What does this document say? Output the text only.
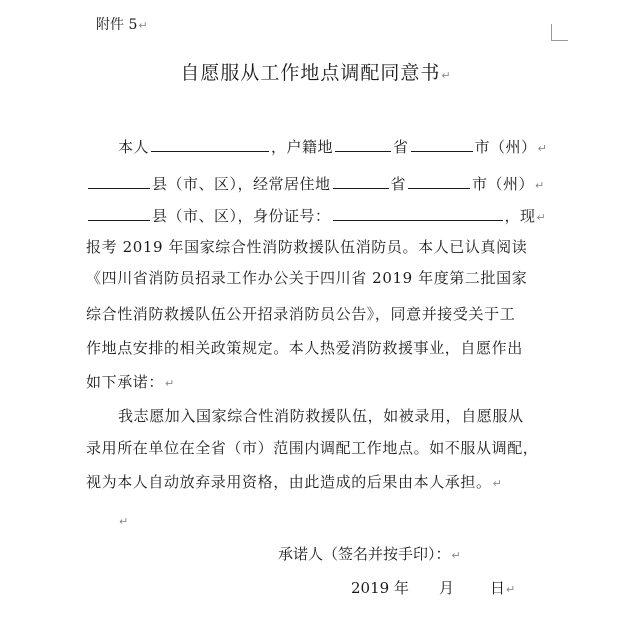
附件 5↵
自愿服从工作地点调配同意书↵
本人	，户籍地	省	市（州）↵
县（市、区），经常居住地	省	市（州）↵
县（市、区），身份证号：	，现↵
报考 2019 年国家综合性消防救援队伍消防员。本人已认真阅读
《四川省消防员招录工作办公关于四川省 2019 年度第二批国家
综合性消防救援队伍公开招录消防员公告》，同意并接受关于工
作地点安排的相关政策规定。本人热爱消防救援事业，自愿作出
如下承诺：↵
我志愿加入国家综合性消防救援队伍，如被录用，自愿服从
录用所在单位在全省（市）范围内调配工作地点。如不服从调配，
视为本人自动放弃录用资格，由此造成的后果由本人承担。↵
↵
承诺人（签名并按手印）：↵
2019 年 月 日↵
